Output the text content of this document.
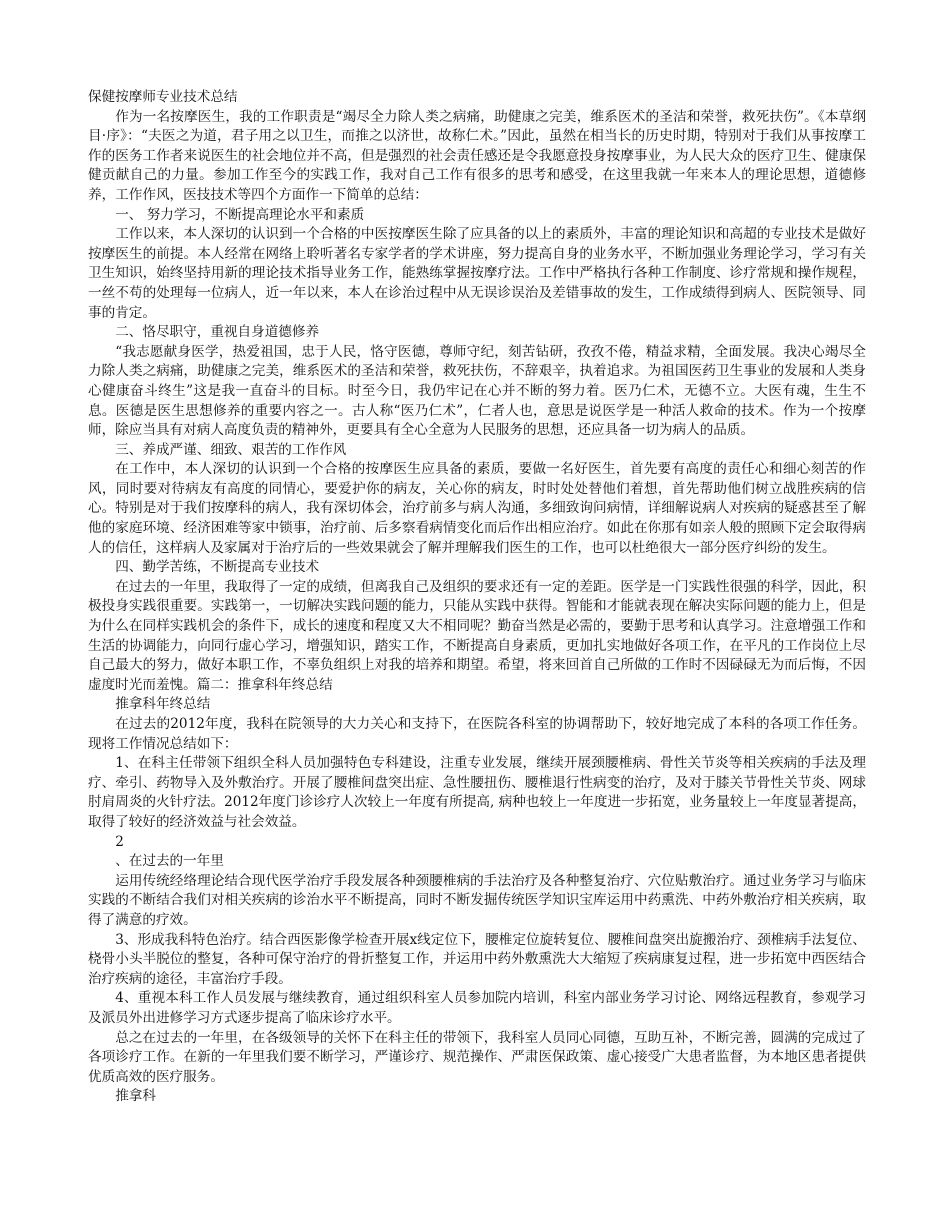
保健按摩师专业技术总结

作为一名按摩医生，我的工作职责是“竭尽全力除人类之病痛，助健康之完美，维系医术的圣洁和荣誉，救死扶伤”。《本草纲目·序》：“夫医之为道，君子用之以卫生，而推之以济世，故称仁术。”因此，虽然在相当长的历史时期，特别对于我们从事按摩工作的医务工作者来说医生的社会地位并不高，但是强烈的社会责任感还是令我愿意投身按摩事业，为人民大众的医疗卫生、健康保健贡献自己的力量。参加工作至今的实践工作，我对自己工作有很多的思考和感受，在这里我就一年来本人的理论思想，道德修养，工作作风，医技技术等四个方面作一下简单的总结：

一、 努力学习，不断提高理论水平和素质

工作以来，本人深切的认识到一个合格的中医按摩医生除了应具备的以上的素质外，丰富的理论知识和高超的专业技术是做好按摩医生的前提。本人经常在网络上聆听著名专家学者的学术讲座，努力提高自身的业务水平，不断加强业务理论学习，学习有关卫生知识，始终坚持用新的理论技术指导业务工作，能熟练掌握按摩疗法。工作中严格执行各种工作制度、诊疗常规和操作规程，一丝不苟的处理每一位病人，近一年以来，本人在诊治过程中从无误诊误治及差错事故的发生，工作成绩得到病人、医院领导、同事的肯定。

二、恪尽职守，重视自身道德修养

“我志愿献身医学，热爱祖国，忠于人民，恪守医德，尊师守纪，刻苦钻研，孜孜不倦，精益求精，全面发展。我决心竭尽全力除人类之病痛，助健康之完美，维系医术的圣洁和荣誉，救死扶伤，不辞艰辛，执着追求。为祖国医药卫生事业的发展和人类身心健康奋斗终生”这是我一直奋斗的目标。时至今日，我仍牢记在心并不断的努力着。医乃仁术，无德不立。大医有魂，生生不息。医德是医生思想修养的重要内容之一。古人称“医乃仁术”，仁者人也，意思是说医学是一种活人救命的技术。作为一个按摩师，除应当具有对病人高度负责的精神外，更要具有全心全意为人民服务的思想，还应具备一切为病人的品质。

三、养成严谨、细致、艰苦的工作作风

在工作中，本人深切的认识到一个合格的按摩医生应具备的素质，要做一名好医生，首先要有高度的责任心和细心刻苦的作风，同时要对待病友有高度的同情心，要爱护你的病友，关心你的病友，时时处处替他们着想，首先帮助他们树立战胜疾病的信心。特别是对于我们按摩科的病人，我有深切体会，治疗前多与病人沟通，多细致询问病情，详细解说病人对疾病的疑惑甚至了解他的家庭环境、经济困难等家中锁事，治疗前、后多察看病情变化而后作出相应治疗。如此在你那有如亲人般的照顾下定会取得病人的信任，这样病人及家属对于治疗后的一些效果就会了解并理解我们医生的工作，也可以杜绝很大一部分医疗纠纷的发生。

四、勤学苦练，不断提高专业技术

在过去的一年里，我取得了一定的成绩，但离我自己及组织的要求还有一定的差距。医学是一门实践性很强的科学，因此，积极投身实践很重要。实践第一，一切解决实践问题的能力，只能从实践中获得。智能和才能就表现在解决实际问题的能力上，但是为什么在同样实践机会的条件下，成长的速度和程度又大不相同呢？勤奋当然是必需的，要勤于思考和认真学习。注意增强工作和生活的协调能力，向同行虚心学习，增强知识，踏实工作，不断提高自身素质，更加扎实地做好各项工作，在平凡的工作岗位上尽自己最大的努力，做好本职工作，不辜负组织上对我的培养和期望。希望，将来回首自己所做的工作时不因碌碌无为而后悔，不因虚度时光而羞愧。篇二：推拿科年终总结

推拿科年终总结

在过去的2012年度，我科在院领导的大力关心和支持下，在医院各科室的协调帮助下，较好地完成了本科的各项工作任务。现将工作情况总结如下：

1、在科主任带领下组织全科人员加强特色专科建设，注重专业发展，继续开展颈腰椎病、骨性关节炎等相关疾病的手法及理疗、牵引、药物导入及外敷治疗。开展了腰椎间盘突出症、急性腰扭伤、腰椎退行性病变的治疗，及对于膝关节骨性关节炎、网球肘肩周炎的火针疗法。2012年度门诊诊疗人次较上一年度有所提高, 病种也较上一年度进一步拓宽，业务量较上一年度显著提高，取得了较好的经济效益与社会效益。

2

、在过去的一年里

运用传统经络理论结合现代医学治疗手段发展各种颈腰椎病的手法治疗及各种整复治疗、穴位贴敷治疗。通过业务学习与临床实践的不断结合我们对相关疾病的诊治水平不断提高，同时不断发掘传统医学知识宝库运用中药熏洗、中药外敷治疗相关疾病，取得了满意的疗效。

3、形成我科特色治疗。结合西医影像学检查开展x线定位下，腰椎定位旋转复位、腰椎间盘突出旋搬治疗、颈椎病手法复位、桡骨小头半脱位的整复，各种可保守治疗的骨折整复工作，并运用中药外敷熏洗大大缩短了疾病康复过程，进一步拓宽中西医结合治疗疾病的途径，丰富治疗手段。

4、重视本科工作人员发展与继续教育，通过组织科室人员参加院内培训，科室内部业务学习讨论、网络远程教育，参观学习及派员外出进修学习方式逐步提高了临床诊疗水平。

总之在过去的一年里，在各级领导的关怀下在科主任的带领下，我科室人员同心同德，互助互补，不断完善，圆满的完成过了各项诊疗工作。在新的一年里我们要不断学习，严谨诊疗、规范操作、严肃医保政策、虚心接受广大患者监督，为本地区患者提供优质高效的医疗服务。

推拿科
